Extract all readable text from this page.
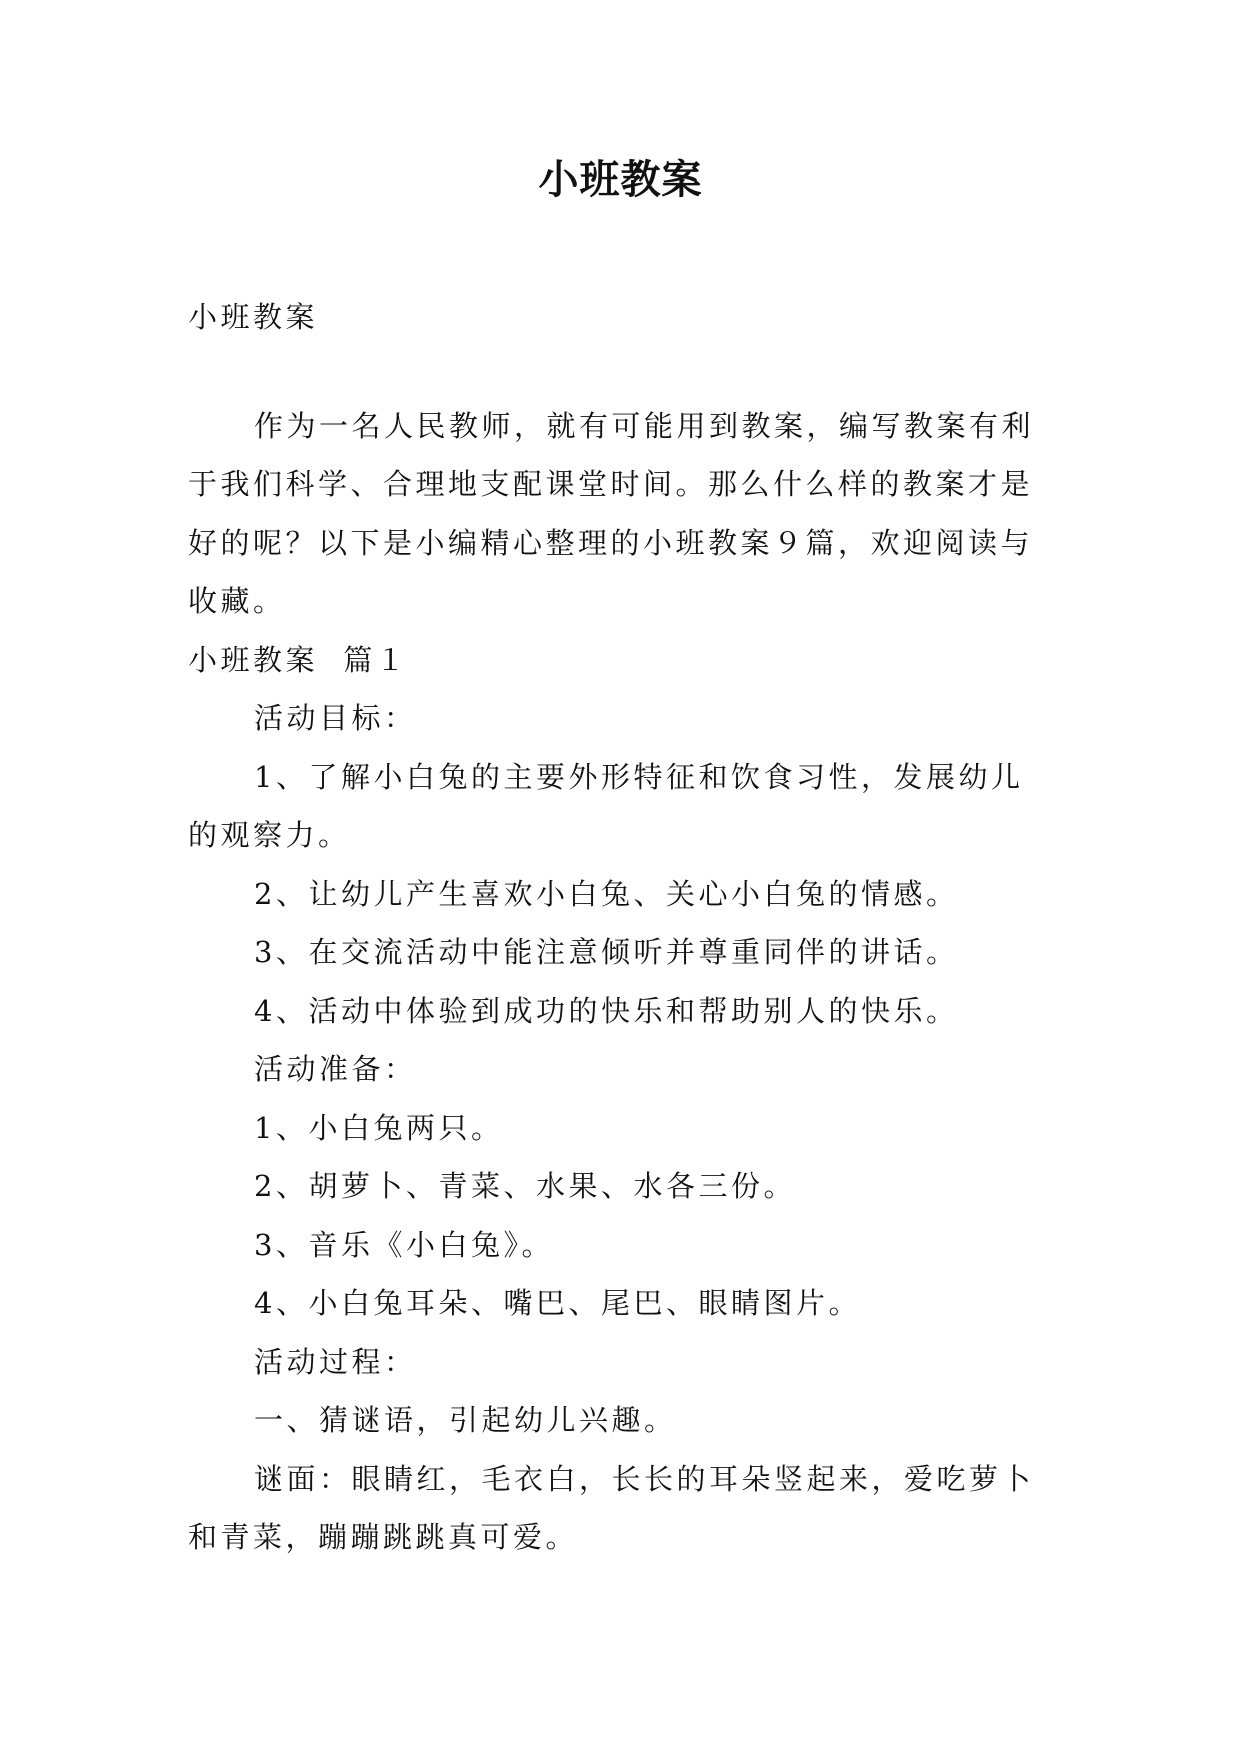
小班教案

小班教案

作为一名人民教师，就有可能用到教案，编写教案有利

于我们科学、合理地支配课堂时间。那么什么样的教案才是

好的呢？以下是小编精心整理的小班教案９篇，欢迎阅读与

收藏。

小班教案  篇１

活动目标：

1、了解小白兔的主要外形特征和饮食习性，发展幼儿

的观察力。

2、让幼儿产生喜欢小白兔、关心小白兔的情感。

3、在交流活动中能注意倾听并尊重同伴的讲话。

4、活动中体验到成功的快乐和帮助别人的快乐。

活动准备：

1、小白兔两只。

2、胡萝卜、青菜、水果、水各三份。

3、音乐《小白兔》。

4、小白兔耳朵、嘴巴、尾巴、眼睛图片。

活动过程：

一、猜谜语，引起幼儿兴趣。

谜面：眼睛红，毛衣白，长长的耳朵竖起来，爱吃萝卜

和青菜，蹦蹦跳跳真可爱。
